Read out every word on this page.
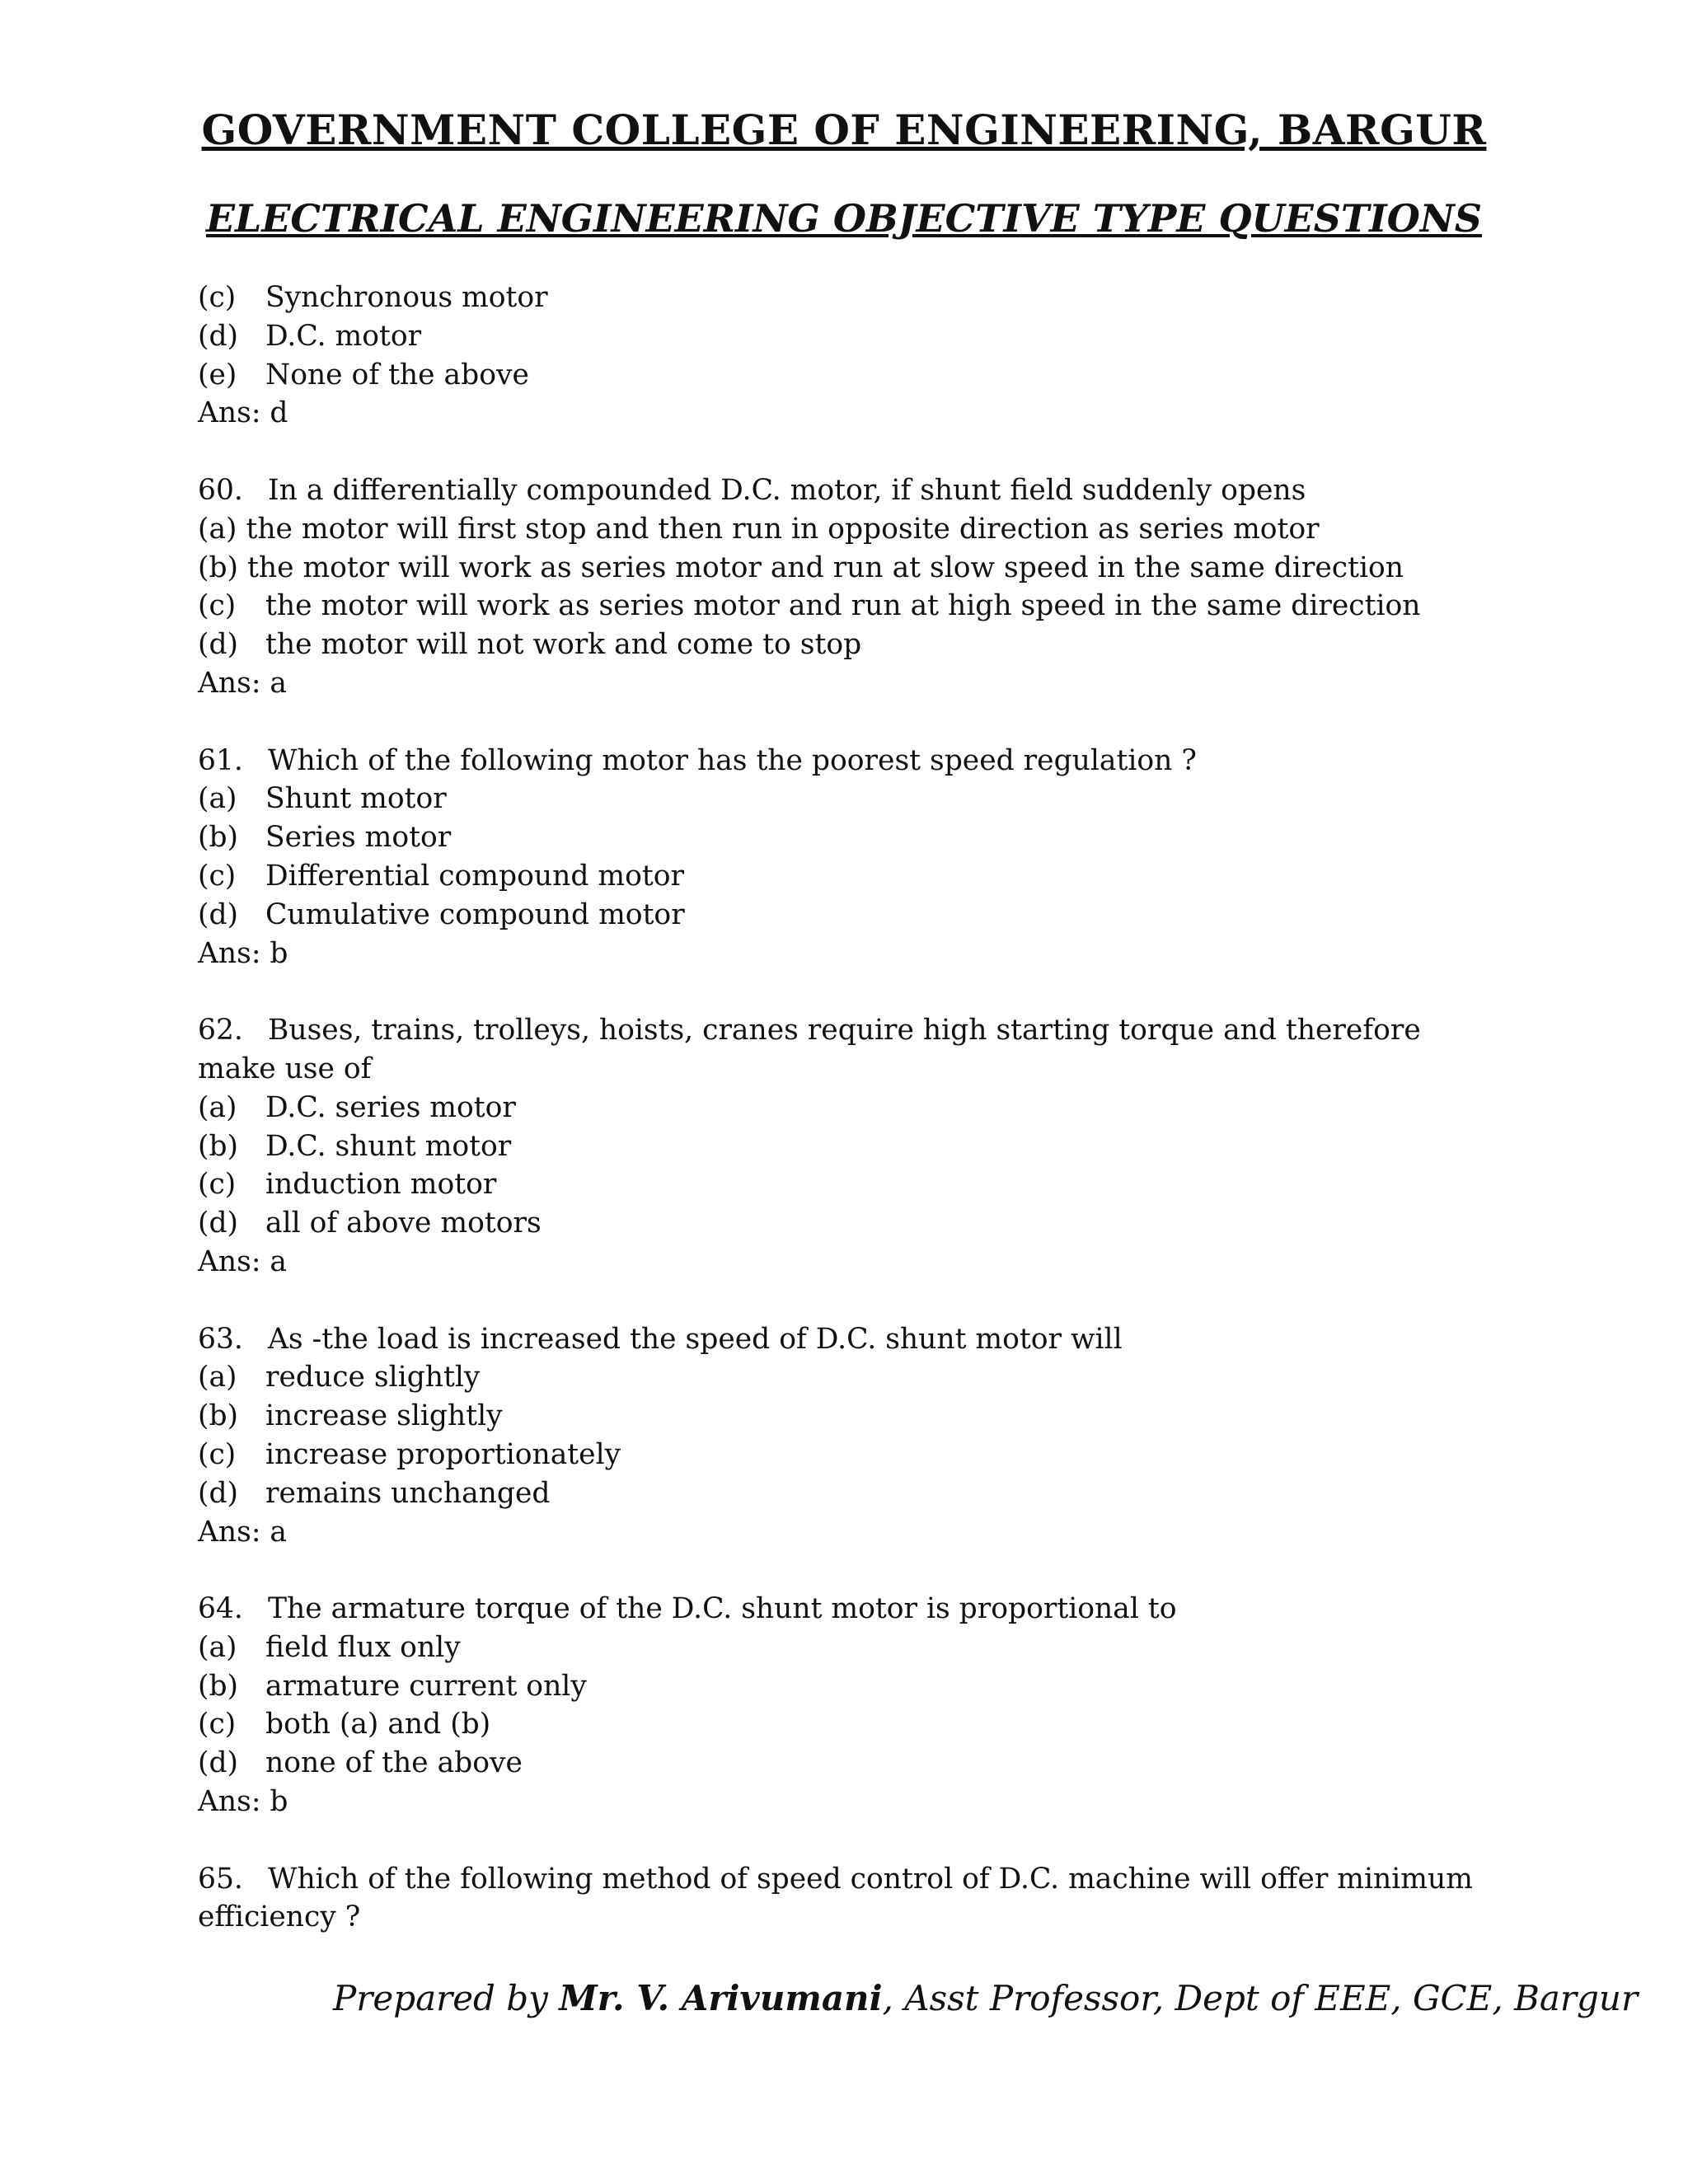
GOVERNMENT COLLEGE OF ENGINEERING, BARGUR
ELECTRICAL ENGINEERING OBJECTIVE TYPE QUESTIONS
(c) Synchronous motor
(d) D.C. motor
(e) None of the above
Ans: d
60. In a differentially compounded D.C. motor, if shunt field suddenly opens
(a) the motor will first stop and then run in opposite direction as series motor
(b) the motor will work as series motor and run at slow speed in the same direction
(c) the motor will work as series motor and run at high speed in the same direction
(d) the motor will not work and come to stop
Ans: a
61. Which of the following motor has the poorest speed regulation ?
(a) Shunt motor
(b) Series motor
(c) Differential compound motor
(d) Cumulative compound motor
Ans: b
62. Buses, trains, trolleys, hoists, cranes require high starting torque and therefore make use of
(a) D.C. series motor
(b) D.C. shunt motor
(c) induction motor
(d) all of above motors
Ans: a
63. As -the load is increased the speed of D.C. shunt motor will
(a) reduce slightly
(b) increase slightly
(c) increase proportionately
(d) remains unchanged
Ans: a
64. The armature torque of the D.C. shunt motor is proportional to
(a) field flux only
(b) armature current only
(c) both (a) and (b)
(d) none of the above
Ans: b
65. Which of the following method of speed control of D.C. machine will offer minimum efficiency ?
Prepared by Mr. V. Arivumani, Asst Professor, Dept of EEE, GCE, Bargur
